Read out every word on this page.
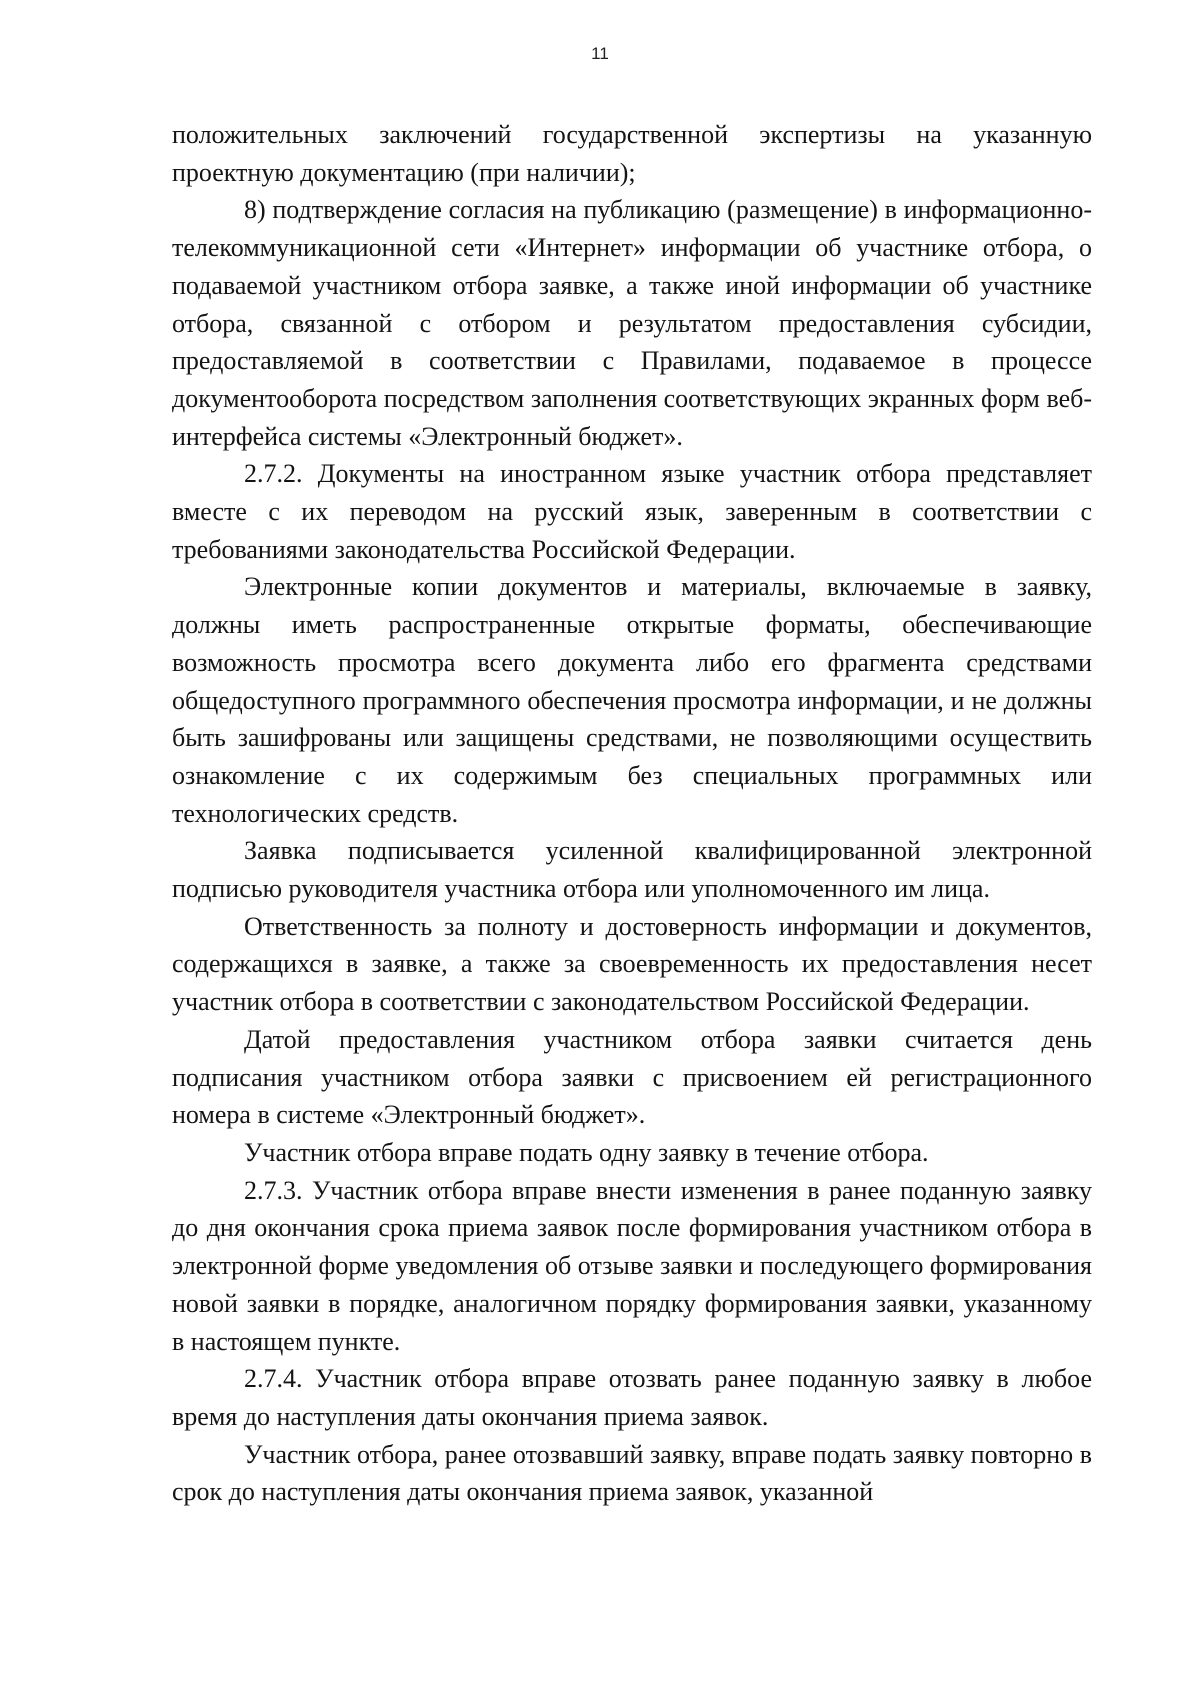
11

положительных заключений государственной экспертизы на указанную проектную документацию (при наличии);

8) подтверждение согласия на публикацию (размещение) в информационно-телекоммуникационной сети «Интернет» информации об участнике отбора, о подаваемой участником отбора заявке, а также иной информации об участнике отбора, связанной с отбором и результатом предоставления субсидии, предоставляемой в соответствии с Правилами, подаваемое в процессе документооборота посредством заполнения соответствующих экранных форм веб-интерфейса системы «Электронный бюджет».

2.7.2. Документы на иностранном языке участник отбора представляет вместе с их переводом на русский язык, заверенным в соответствии с требованиями законодательства Российской Федерации.

Электронные копии документов и материалы, включаемые в заявку, должны иметь распространенные открытые форматы, обеспечивающие возможность просмотра всего документа либо его фрагмента средствами общедоступного программного обеспечения просмотра информации, и не должны быть зашифрованы или защищены средствами, не позволяющими осуществить ознакомление с их содержимым без специальных программных или технологических средств.

Заявка подписывается усиленной квалифицированной электронной подписью руководителя участника отбора или уполномоченного им лица.

Ответственность за полноту и достоверность информации и документов, содержащихся в заявке, а также за своевременность их предоставления несет участник отбора в соответствии с законодательством Российской Федерации.

Датой предоставления участником отбора заявки считается день подписания участником отбора заявки с присвоением ей регистрационного номера в системе «Электронный бюджет».

Участник отбора вправе подать одну заявку в течение отбора.

2.7.3. Участник отбора вправе внести изменения в ранее поданную заявку до дня окончания срока приема заявок после формирования участником отбора в электронной форме уведомления об отзыве заявки и последующего формирования новой заявки в порядке, аналогичном порядку формирования заявки, указанному в настоящем пункте.

2.7.4. Участник отбора вправе отозвать ранее поданную заявку в любое время до наступления даты окончания приема заявок.

Участник отбора, ранее отозвавший заявку, вправе подать заявку повторно в срок до наступления даты окончания приема заявок, указанной
